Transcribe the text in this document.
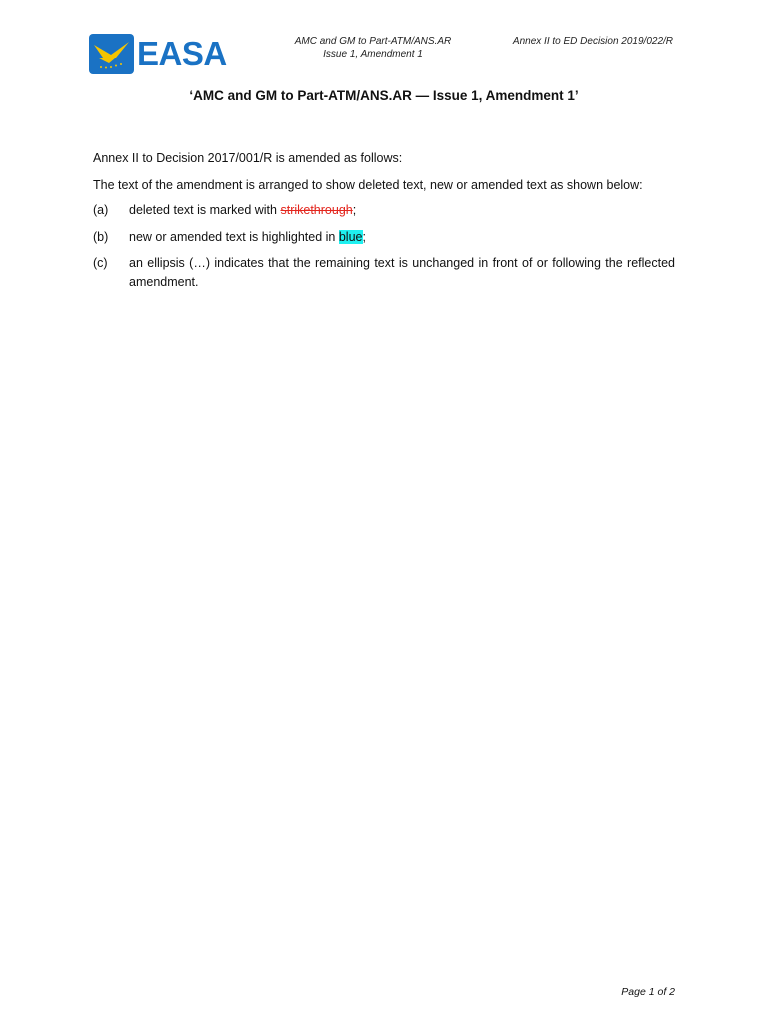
EASA	AMC and GM to Part-ATM/ANS.AR
Issue 1, Amendment 1
Annex II to ED Decision 2019/022/R
‘AMC and GM to Part-ATM/ANS.AR — Issue 1, Amendment 1’
Annex II to Decision 2017/001/R is amended as follows:
The text of the amendment is arranged to show deleted text, new or amended text as shown below:
(a) deleted text is marked with strikethrough;
(b) new or amended text is highlighted in blue;
(c) an ellipsis (…) indicates that the remaining text is unchanged in front of or following the reflected amendment.
Page 1 of 2
